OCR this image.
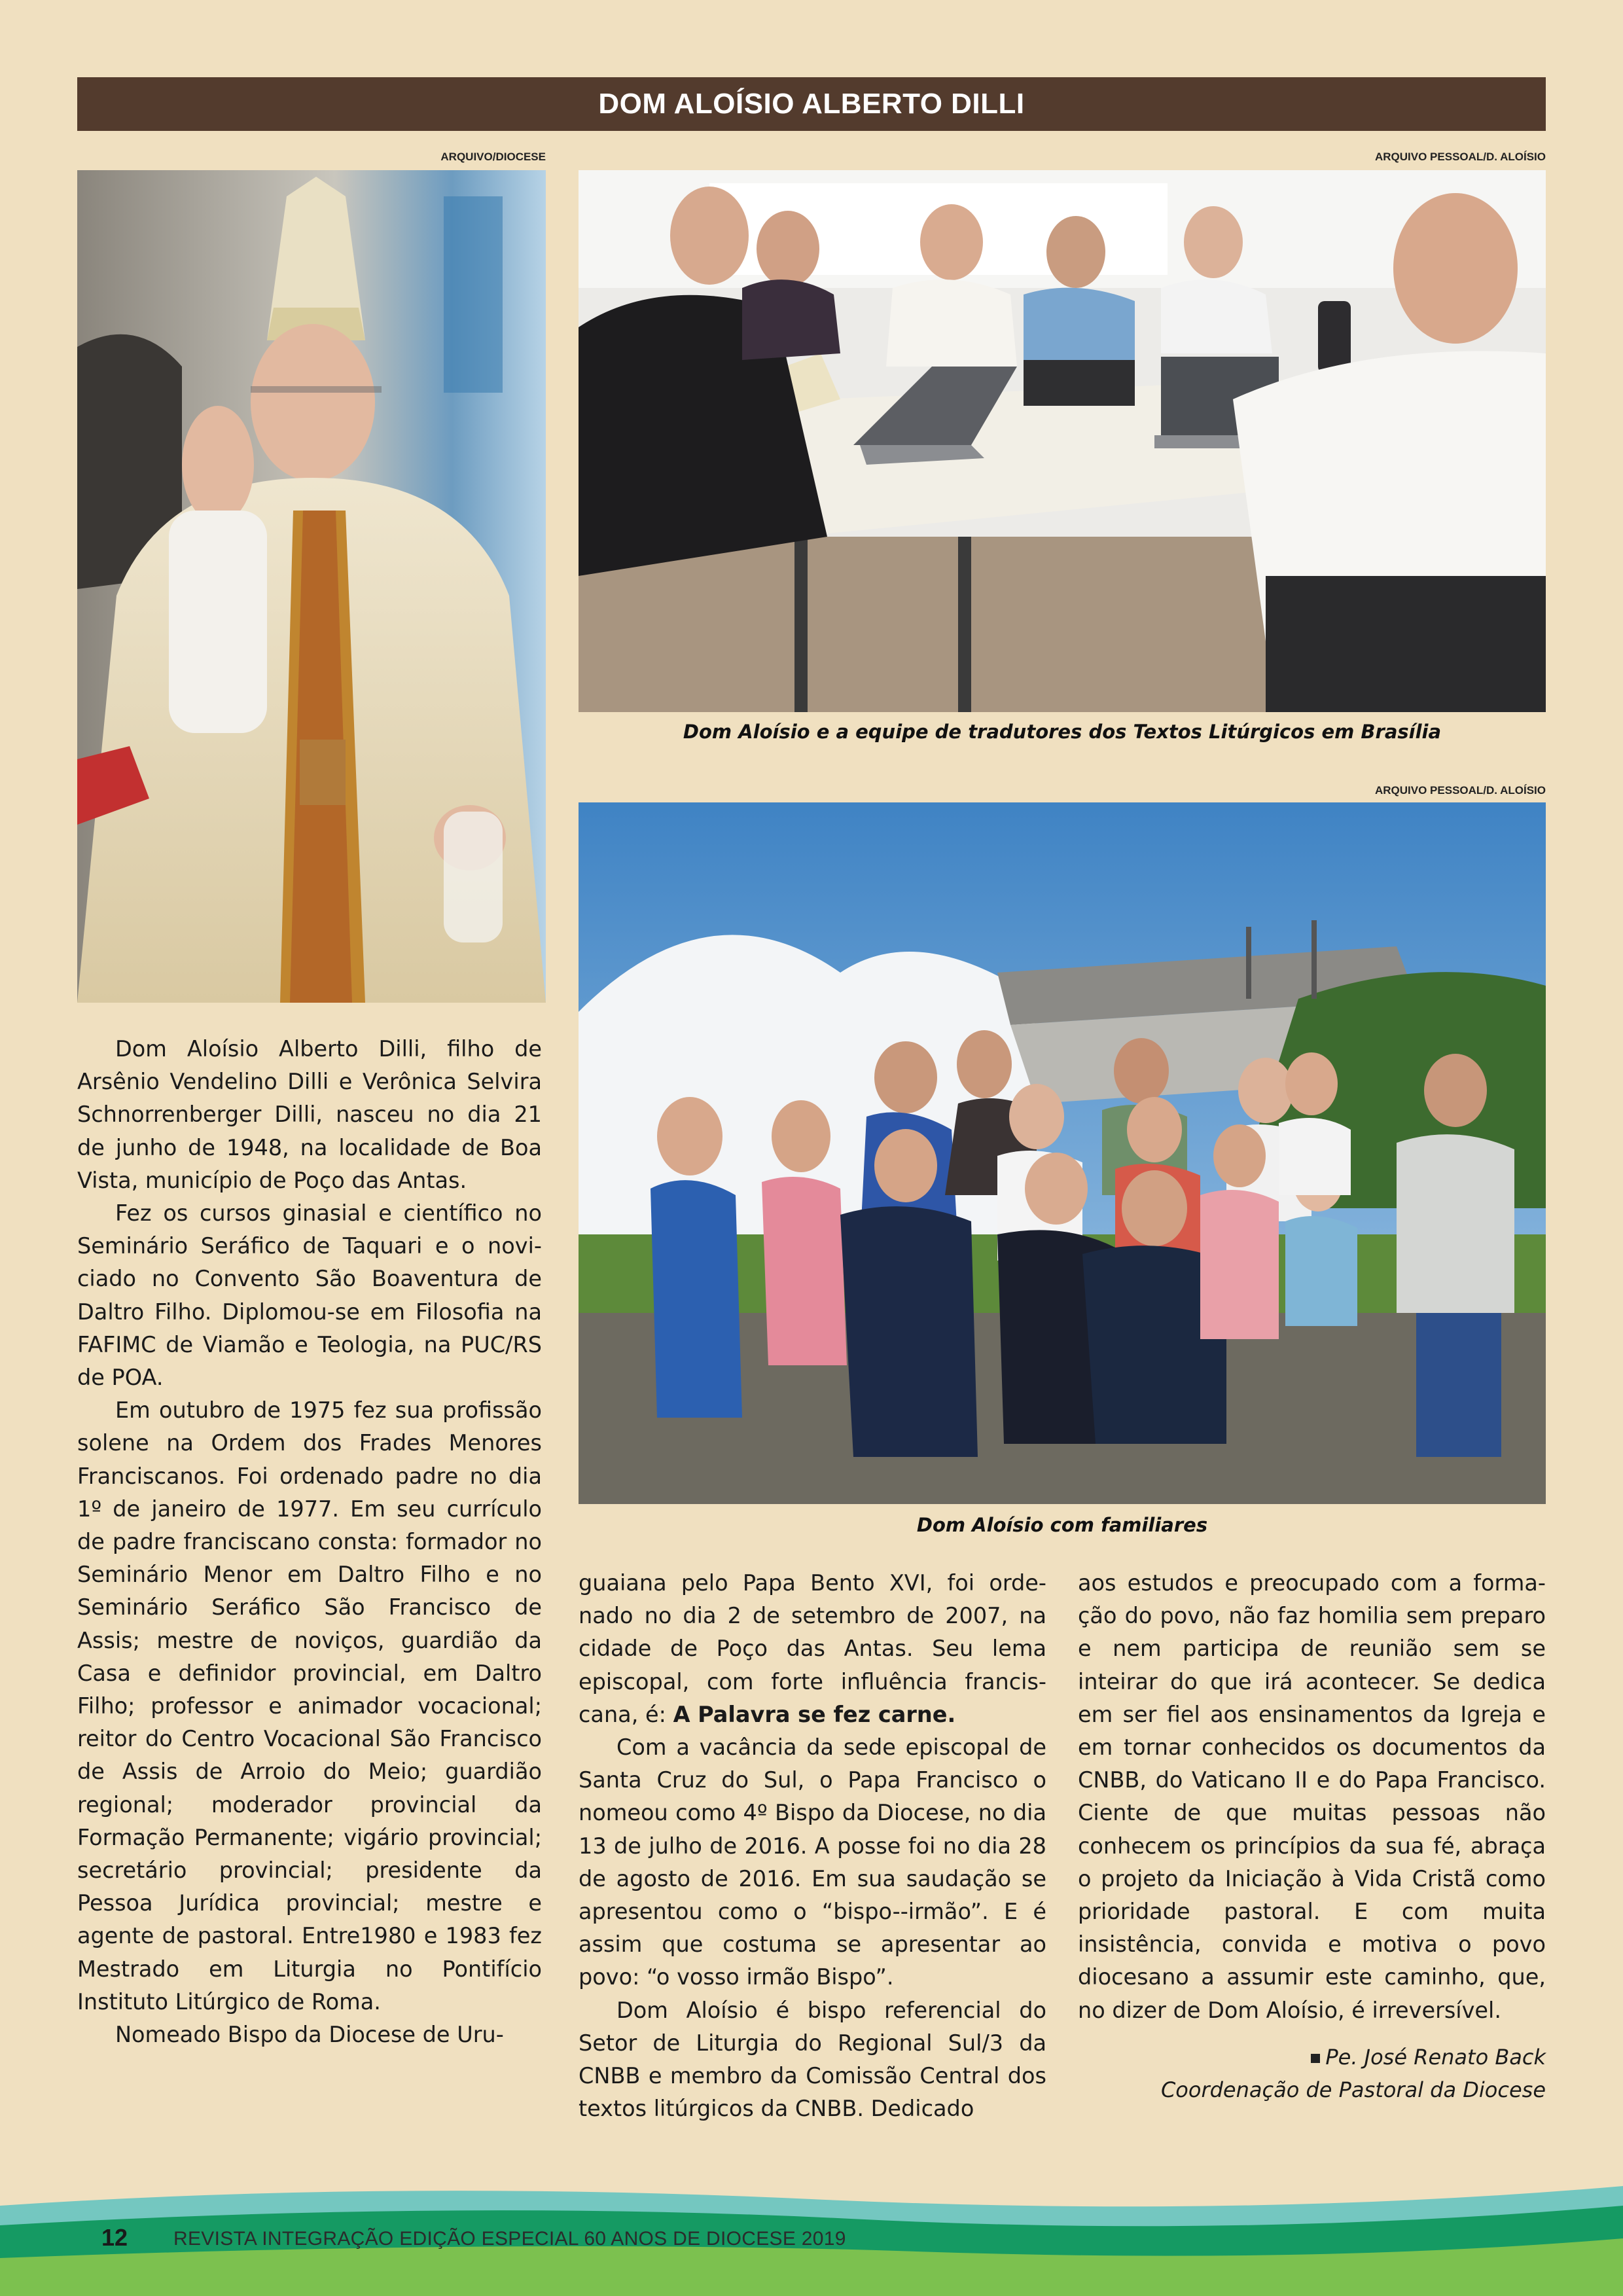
DOM ALOÍSIO ALBERTO DILLI
ARQUIVO/DIOCESE	ARQUIVO PESSOAL/D. ALOÍSIO
Dom Aloísio e a equipe de tradutores dos Textos Litúrgicos em Brasília
ARQUIVO PESSOAL/D. ALOÍSIO
Dom Aloísio com familiares

Dom Aloísio Alberto Dilli, filho de Arsênio Vendelino Dilli e Verônica Selvira Schnorrenberger Dilli, nasceu no dia 21 de junho de 1948, na localidade de Boa Vista, município de Poço das Antas.

Fez os cursos ginasial e científico no Seminário Seráfico de Taquari e o noviciado no Convento São Boaventura de Daltro Filho. Diplomou-se em Filosofia na FAFIMC de Viamão e Teologia, na PUC/RS de POA.

Em outubro de 1975 fez sua profissão solene na Ordem dos Frades Menores Franciscanos. Foi ordenado padre no dia 1º de janeiro de 1977. Em seu currículo de padre franciscano consta: formador no Seminário Menor em Daltro Filho e no Seminário Seráfico São Francisco de Assis; mestre de noviços, guardião da Casa e definidor provincial, em Daltro Filho; professor e animador vocacional; reitor do Centro Vocacional São Francisco de Assis de Arroio do Meio; guardião regional; moderador provincial da Formação Permanente; vigário provincial; secretário provincial; presidente da Pessoa Jurídica provincial; mestre e agente de pastoral. Entre1980 e 1983 fez Mestrado em Liturgia no Pontifício Instituto Litúrgico de Roma.

Nomeado Bispo da Diocese de Uru-

guaiana pelo Papa Bento XVI, foi ordenado no dia 2 de setembro de 2007, na cidade de Poço das Antas. Seu lema episcopal, com forte influência franciscana, é: A Palavra se fez carne.

Com a vacância da sede episcopal de Santa Cruz do Sul, o Papa Francisco o nomeou como 4º Bispo da Diocese, no dia 13 de julho de 2016. A posse foi no dia 28 de agosto de 2016. Em sua saudação se apresentou como o “bispo--irmão”. E é assim que costuma se apresentar ao povo: “o vosso irmão Bispo”.

Dom Aloísio é bispo referencial do Setor de Liturgia do Regional Sul/3 da CNBB e membro da Comissão Central dos textos litúrgicos da CNBB. Dedicado

aos estudos e preocupado com a formação do povo, não faz homilia sem preparo e nem participa de reunião sem se inteirar do que irá acontecer. Se dedica em ser fiel aos ensinamentos da Igreja e em tornar conhecidos os documentos da CNBB, do Vaticano II e do Papa Francisco. Ciente de que muitas pessoas não conhecem os princípios da sua fé, abraça o projeto da Iniciação à Vida Cristã como prioridade pastoral. E com muita insistência, convida e motiva o povo diocesano a assumir este caminho, que, no dizer de Dom Aloísio, é irreversível.

Pe. José Renato Back
Coordenação de Pastoral da Diocese
12 REVISTA INTEGRAÇÃO EDIÇÃO ESPECIAL 60 ANOS DE DIOCESE 2019
